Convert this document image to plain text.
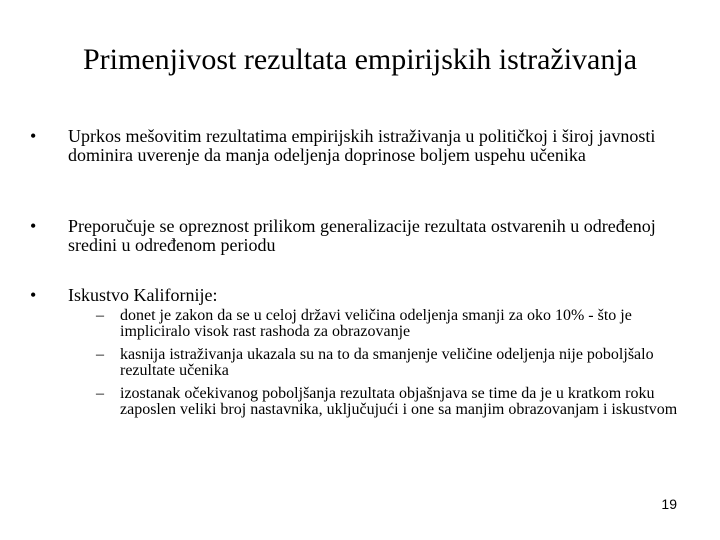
Primenjivost rezultata empirijskih istraživanja
•	Uprkos mešovitim rezultatima empirijskih istraživanja u političkoj i široj javnosti dominira uverenje da manja odeljenja doprinose boljem uspehu učenika
•	Preporučuje se opreznost prilikom generalizacije rezultata ostvarenih u određenoj sredini u određenom periodu
•	Iskustvo Kalifornije:
– donet je zakon da se u celoj državi veličina odeljenja smanji za oko 10% - što je impliciralo visok rast rashoda za obrazovanje
– kasnija istraživanja ukazala su na to da smanjenje veličine odeljenja nije poboljšalo rezultate učenika
– izostanak očekivanog poboljšanja rezultata objašnjava se time da je u kratkom roku zaposlen veliki broj nastavnika, uključujući i one sa manjim obrazovanjam i iskustvom
19
